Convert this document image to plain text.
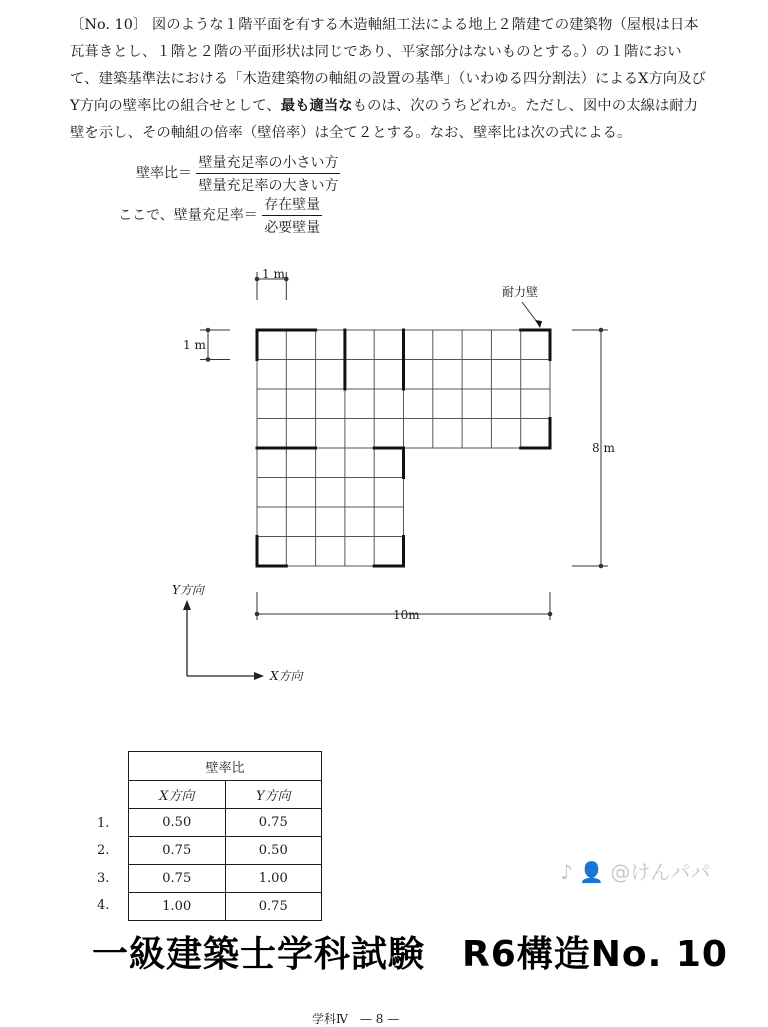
〔No. 10〕 図のような１階平面を有する木造軸組工法による地上２階建ての建築物（屋根は日本瓦葺きとし、１階と２階の平面形状は同じであり、平家部分はないものとする。）の１階において、建築基準法における「木造建築物の軸組の設置の基準」（いわゆる四分割法）によるX方向及びY方向の壁率比の組合せとして、最も適当なものは、次のうちどれか。ただし、図中の太線は耐力壁を示し、その軸組の倍率（壁倍率）は全て２とする。なお、壁率比は次の式による。
壁率比＝ $\frac{\text{壁量充足率の小さい方}}{\text{壁量充足率の大きい方}}$
ここで、壁量充足率＝ $\frac{\text{存在壁量}}{\text{必要壁量}}$
1 m
1 m
8 m
10m
耐力壁
Y方向
X方向
壁率比	
X方向	Y方向
0.50	0.75
0.75	0.50
0.75	1.00
1.00	0.75
1.
2.
3.
4.
♪ 👤 @けんパパ
一級建築士学科試験　R6構造No. 10
学科Ⅳ　— 8 —
